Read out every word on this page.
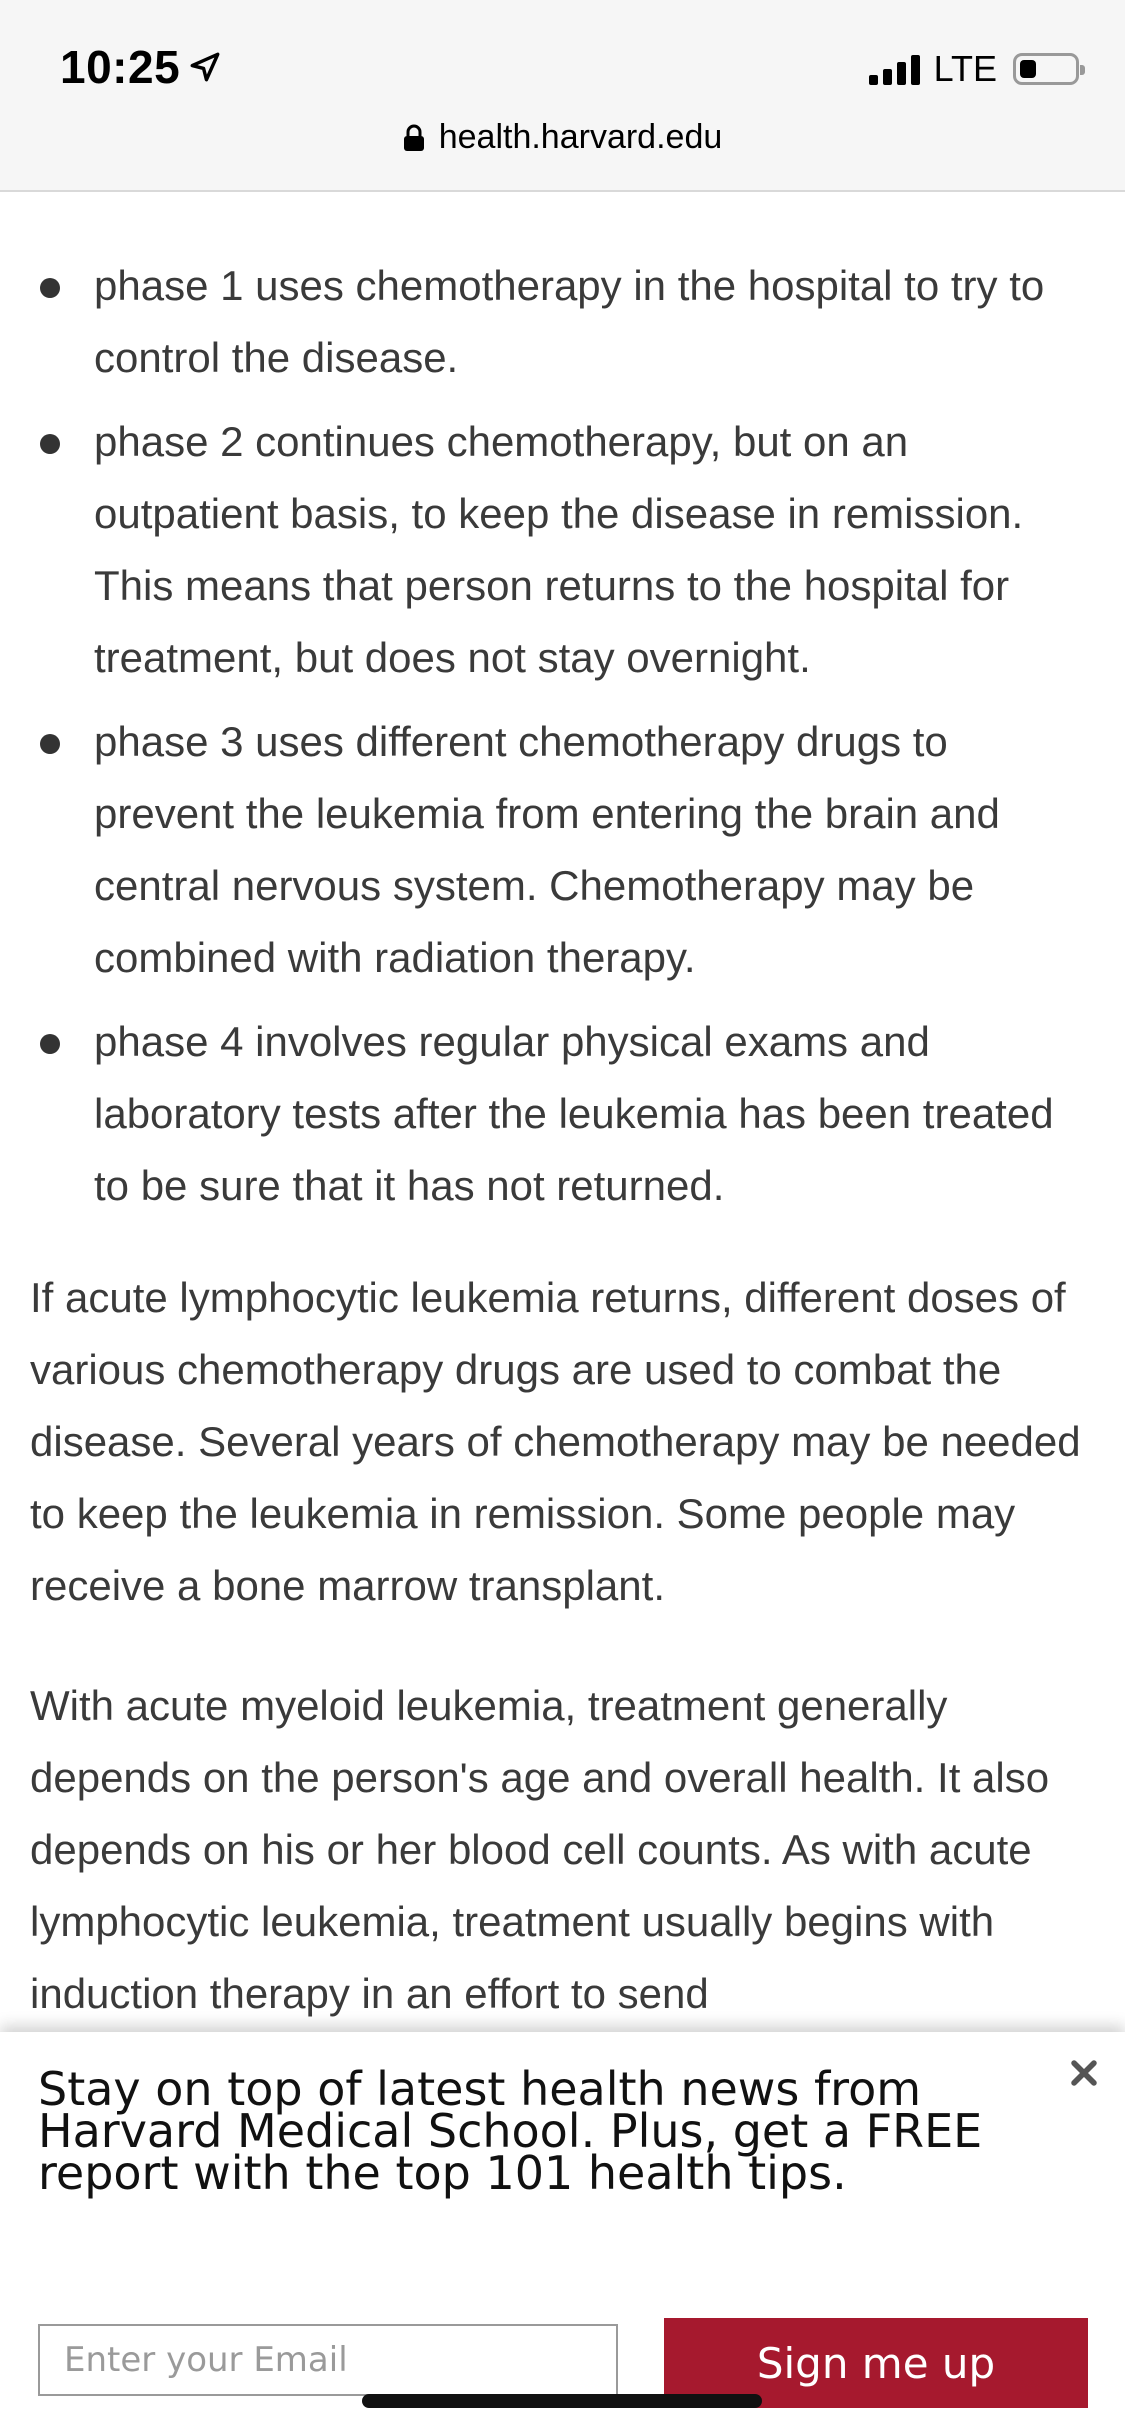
10:25	LTE
health.harvard.edu
phase 1 uses chemotherapy in the hospital to try to control the disease.
phase 2 continues chemotherapy, but on an outpatient basis, to keep the disease in remission. This means that person returns to the hospital for treatment, but does not stay overnight.
phase 3 uses different chemotherapy drugs to prevent the leukemia from entering the brain and central nervous system. Chemotherapy may be combined with radiation therapy.
phase 4 involves regular physical exams and laboratory tests after the leukemia has been treated to be sure that it has not returned.

If acute lymphocytic leukemia returns, different doses of various chemotherapy drugs are used to combat the disease. Several years of chemotherapy may be needed to keep the leukemia in remission. Some people may receive a bone marrow transplant.

With acute myeloid leukemia, treatment generally depends on the person's age and overall health. It also depends on his or her blood cell counts. As with acute lymphocytic leukemia, treatment usually begins with induction therapy in an effort to send

Stay on top of latest health news from Harvard Medical School. Plus, get a FREE report with the top 101 health tips.
Enter your Email
Sign me up
